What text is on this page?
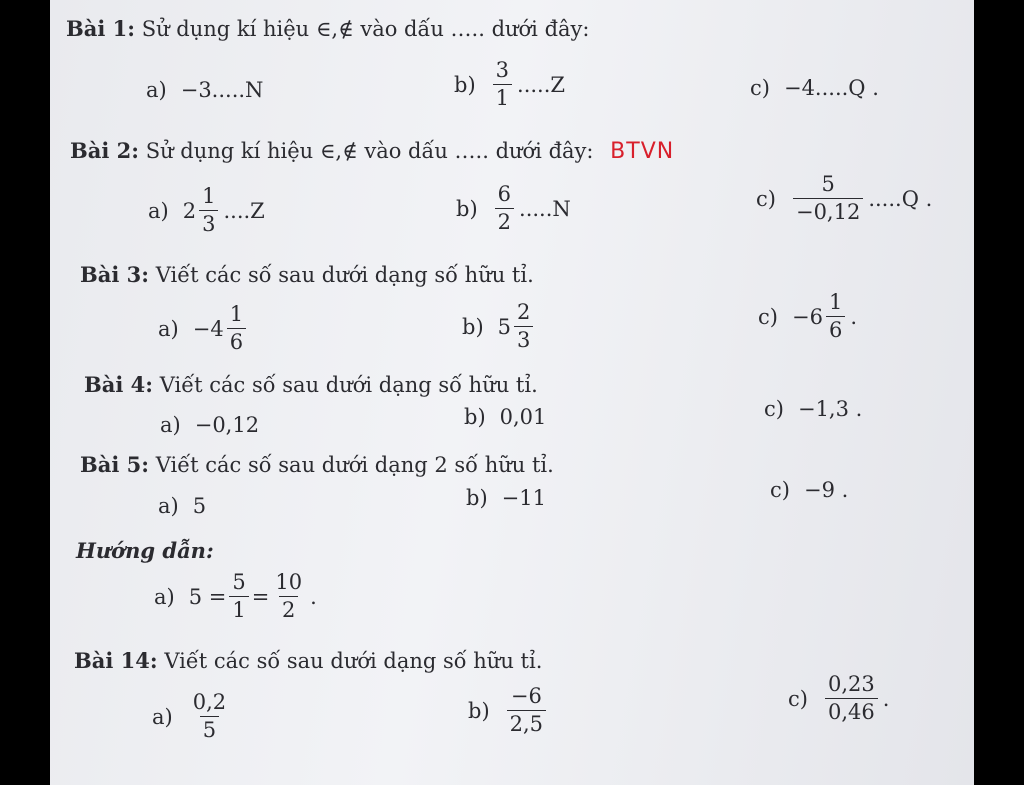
Bài 1: Sử dụng kí hiệu ∈,∉ vào dấu ….. dưới đây:
a) −3.....N	$b) \frac{3}{1} .....Z$	c) −4.....Q .
Bài 2: Sử dụng kí hiệu ∈,∉ vào dấu ….. dưới đây: BTVN
a) $2 \frac{1}{3} ....Z$	$b) \frac{6}{2} .....N$	$c) \frac{5}{-0,12} .....Q$ .
Bài 3: Viết các số sau dưới dạng số hữu tỉ.
$a) -4 \frac{1}{6}$	b) $5 \frac{2}{3}$	$c) -6 \frac{1}{6}$ .
Bài 4: Viết các số sau dưới dạng số hữu tỉ.
a) −0,12	b) 0,01	c) −1,3 .
Bài 5: Viết các số sau dưới dạng 2 số hữu tỉ.
a) 5	b) −11	c) −9 .
Hướng dẫn:
a) $5 = \frac{5}{1} = \frac{10}{2}$ .
Bài 14: Viết các số sau dưới dạng số hữu tỉ.
$a) \frac{0,2}{5}$	$b) \frac{-6}{2,5}$	$c) \frac{0,23}{0,46}$ .
